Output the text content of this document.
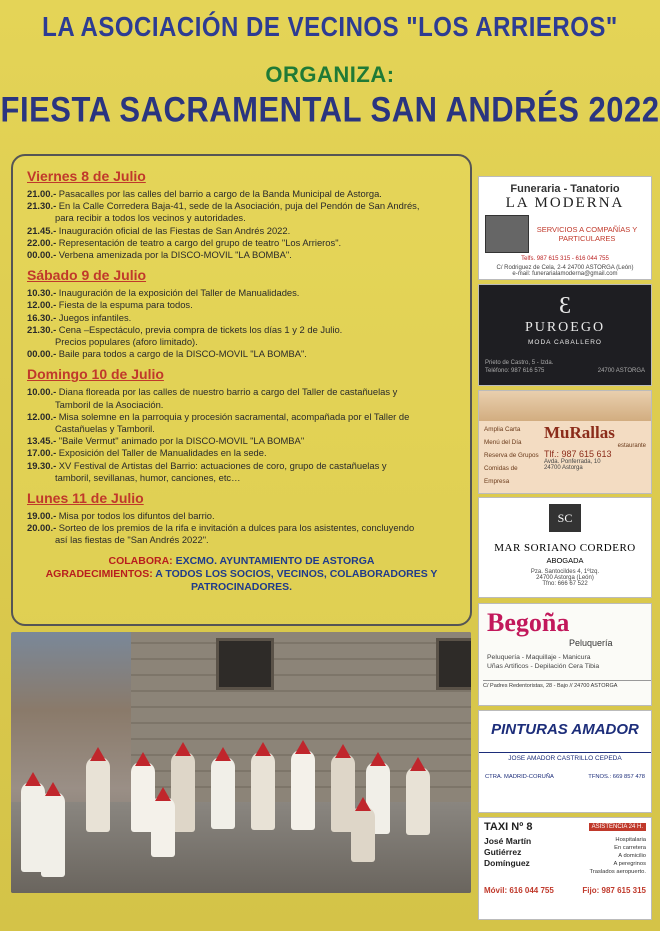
LA ASOCIACIÓN DE VECINOS "LOS ARRIEROS"
ORGANIZA:
FIESTA SACRAMENTAL SAN ANDRÉS 2022
Viernes 8 de Julio
21.00.- Pasacalles por las calles del barrio a cargo de la Banda Municipal de Astorga.
21.30.- En la Calle Corredera Baja-41, sede de la Asociación, puja del Pendón de San Andrés,
para recibir a todos los vecinos y autoridades.
21.45.- Inauguración oficial de las Fiestas de San Andrés 2022.
22.00.- Representación de teatro a cargo del grupo de teatro "Los Arrieros".
00.00.- Verbena amenizada por la DISCO-MOVIL "LA BOMBA".
Sábado 9 de Julio
10.30.- Inauguración de la exposición del Taller de Manualidades.
12.00.- Fiesta de la espuma para todos.
16.30.- Juegos infantiles.
21.30.- Cena –Espectáculo, previa compra de tickets los días 1 y 2 de Julio.
Precios populares (aforo limitado).
00.00.- Baile para todos a cargo de la DISCO-MOVIL "LA BOMBA".
Domingo 10 de Julio
10.00.- Diana floreada por las calles de nuestro barrio a cargo del Taller de castañuelas y
Tamboril de la Asociación.
12.00.- Misa solemne en la parroquia y procesión sacramental, acompañada por el Taller de
Castañuelas y Tamboril.
13.45.- "Baile Vermut" animado por la DISCO-MOVIL "LA BOMBA"
17.00.- Exposición del Taller de Manualidades en la sede.
19.30.- XV Festival de Artistas del Barrio: actuaciones de coro, grupo de castañuelas y
tamboril, sevillanas, humor, canciones, etc…
Lunes 11 de Julio
19.00.- Misa por todos los difuntos del barrio.
20.00.- Sorteo de los premios de la rifa e invitación a dulces para los asistentes, concluyendo
así las fiestas de "San Andrés 2022".
COLABORA: EXCMO. AYUNTAMIENTO DE ASTORGA
AGRADECIMIENTOS: A TODOS LOS SOCIOS, VECINOS, COLABORADORES Y PATROCINADORES.
Funeraria - Tanatorio
LA MODERNA
SERVICIOS A COMPAÑÍAS Y PARTICULARES
Telfs. 987 615 315 - 616 044 755
C/ Rodriguez de Cela, 2-4 24700 ASTORGA (León)
e-mail: funerarialamoderna@gmail.com
Ɛ
PUROEGO
MODA CABALLERO
Prieto de Castro, 5 - Izda.
Teléfono: 987 616 575	24700 ASTORGA
Amplia Carta
Menú del Día
Reserva de Grupos
Comidas de Empresa
MuRallas
estaurante
Tlf.: 987 615 613
Avda. Ponferrada, 10
24700 Astorga
SC
MAR SORIANO CORDERO
ABOGADA
Pza. Santocildes 4, 1ºIzq.
24700 Astorga (León)
Tfno: 666 67 522
Begoña
Peluquería
Peluquería - Maquillaje - Manicura
Uñas Artificos - Depilación Cera Tibia
C/ Padres Redentoristas, 28 - Bajo // 24700 ASTORGA
PINTURAS AMADOR
JOSE AMADOR CASTRILLO CEPEDA
CTRA. MADRID-CORUÑA	TFNOS.: 669 857 478
TAXI Nº 8	ASISTENCIA 24 H.
José Martín
Gutiérrez
Domínguez
Hospitalaria
En carretera
A domicilio
A peregrinos
Traslados aeropuerto.
Móvil: 616 044 755	Fijo: 987 615 315
